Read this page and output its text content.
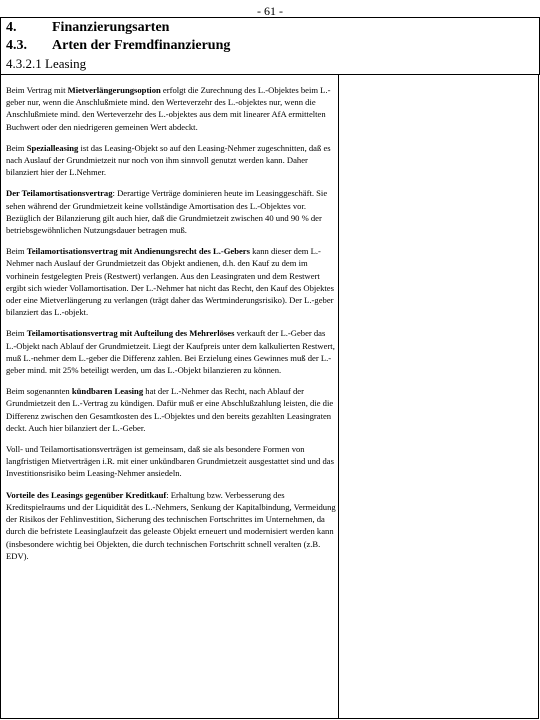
- 61 -
4.	Finanzierungsarten
4.3. Arten der Fremdfinanzierung
4.3.2.1 Leasing

Beim Vertrag mit Mietverlängerungsoption erfolgt die Zurechnung des L.-Objektes beim L.-geber nur, wenn die Anschlußmiete mind. den Werteverzehr des L.-objektes nur, wenn die Anschlußmiete mind. den Werteverzehr des L.-objektes aus dem mit linearer AfA ermittelten Buchwert oder den niedrigeren gemeinen Wert abdeckt.

Beim Spezialleasing ist das Leasing-Objekt so auf den Leasing-Nehmer zugeschnitten, daß es nach Auslauf der Grundmietzeit nur noch von ihm sinnvoll genutzt werden kann. Daher bilanziert hier der L.Nehmer.

Der Teilamortisationsvertrag: Derartige Verträge dominieren heute im Leasinggeschäft. Sie sehen während der Grundmietzeit keine vollständige Amortisation des L.-Objektes vor. Bezüglich der Bilanzierung gilt auch hier, daß die Grundmietzeit zwischen 40 und 90 % der betriebsgewöhnlichen Nutzungsdauer betragen muß.

Beim Teilamortisationsvertrag mit Andienungsrecht des L.-Gebers kann dieser dem L.-Nehmer nach Auslauf der Grundmietzeit das Objekt andienen, d.h. den Kauf zu dem im vorhinein festgelegten Preis (Restwert) verlangen. Aus den Leasingraten und dem Restwert ergibt sich wieder Vollamortisation. Der L.-Nehmer hat nicht das Recht, den Kauf des Objektes oder eine Mietverlängerung zu verlangen (trägt daher das Wertminderungsrisiko). Der L.-geber bilanziert das L.-objekt.

Beim Teilamortisationsvertrag mit Aufteilung des Mehrerlöses verkauft der L.-Geber das L.-Objekt nach Ablauf der Grundmietzeit. Liegt der Kaufpreis unter dem kalkulierten Restwert, muß L.-nehmer dem L.-geber die Differenz zahlen. Bei Erzielung eines Gewinnes muß der L.-geber mind. mit 25% beteiligt werden, um das L.-Objekt bilanzieren zu können.

Beim sogenannten kündbaren Leasing hat der L.-Nehmer das Recht, nach Ablauf der Grundmietzeit den L.-Vertrag zu kündigen. Dafür muß er eine Abschlußzahlung leisten, die die Differenz zwischen den Gesamtkosten des L.-Objektes und den bereits gezahlten Leasingraten deckt. Auch hier bilanziert der L.-Geber.

Voll- und Teilamortisationsverträgen ist gemeinsam, daß sie als besondere Formen von langfristigen Mietverträgen i.R. mit einer unkündbaren Grundmietzeit ausgestattet sind und das Investitionsrisiko beim Leasing-Nehmer ansiedeln.

Vorteile des Leasings gegenüber Kreditkauf: Erhaltung bzw. Verbesserung des Kreditspielraums und der Liquidität des L.-Nehmers, Senkung der Kapitalbindung, Vermeidung der Risikos der Fehlinvestition, Sicherung des technischen Fortschrittes im Unternehmen, da durch die befristete Leasinglaufzeit das geleaste Objekt erneuert und modernisiert werden kann (insbesondere wichtig bei Objekten, die durch technischen Fortschritt schnell veralten (z.B. EDV).
